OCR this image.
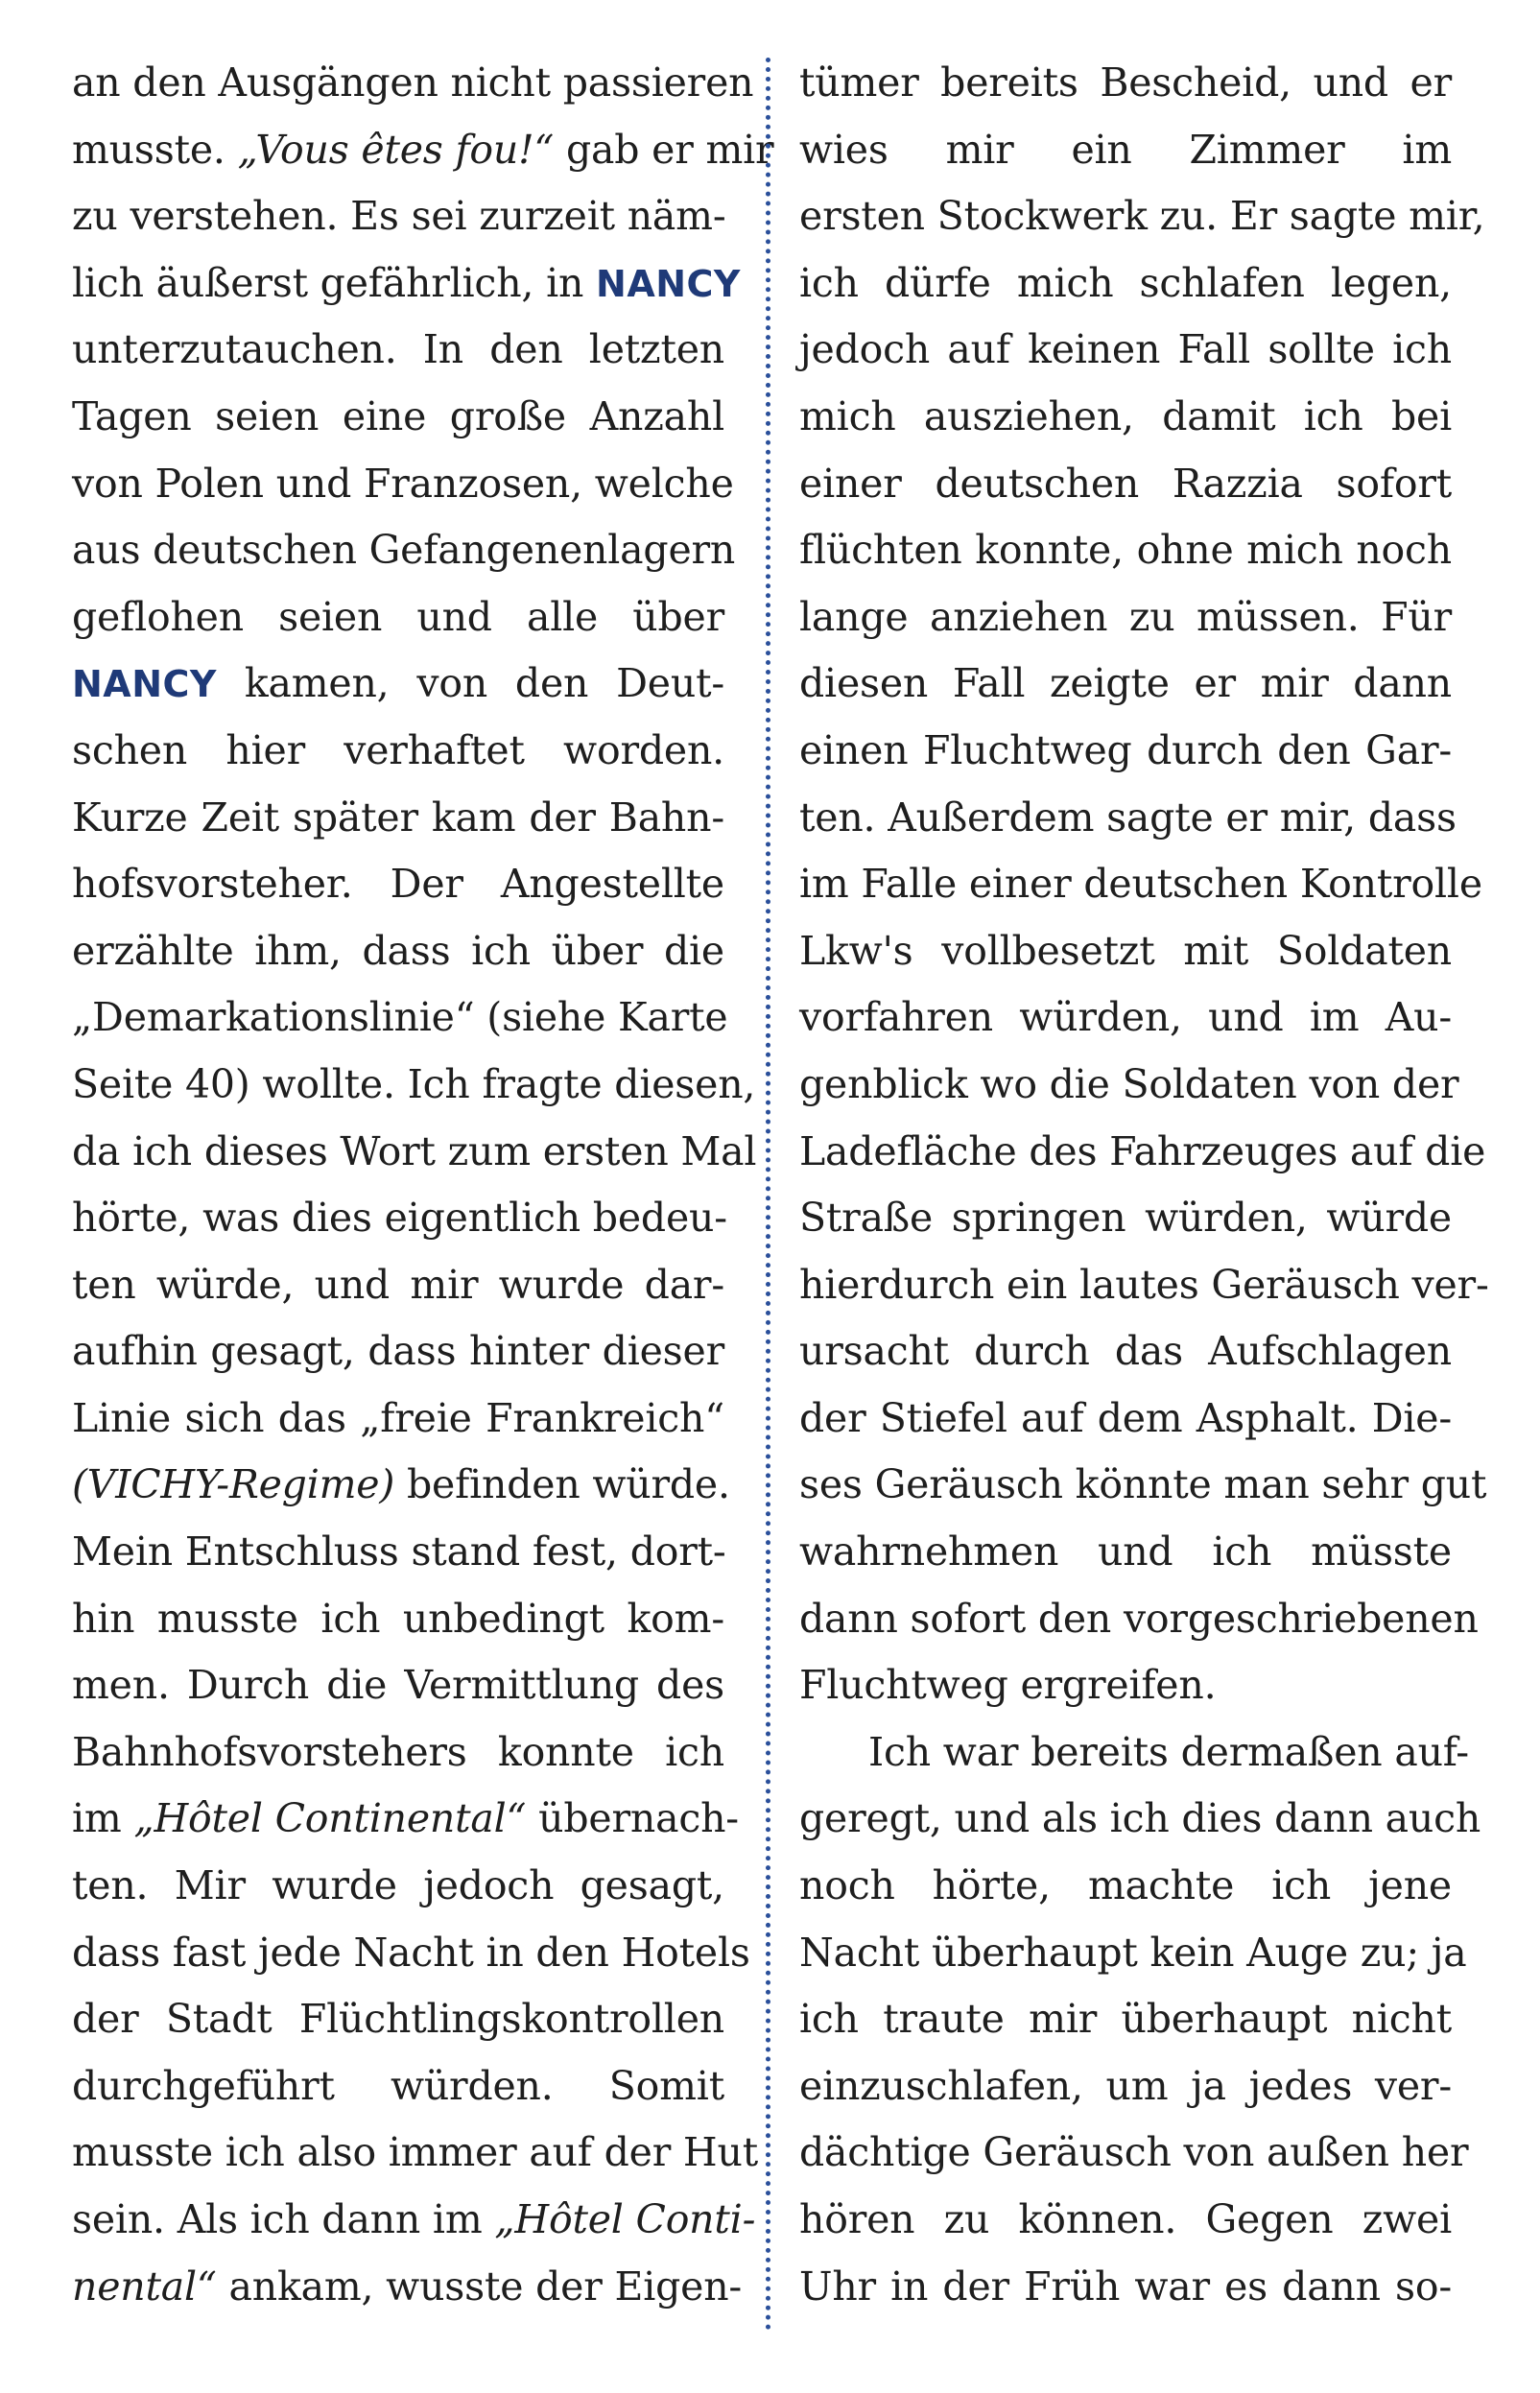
an den Ausgängen nicht passieren
musste. „Vous êtes fou!“ gab er mir
zu verstehen. Es sei zurzeit näm-
lich äußerst gefährlich, in NANCY
unterzutauchen. In den letzten
Tagen seien eine große Anzahl
von Polen und Franzosen, welche
aus deutschen Gefangenenlagern
geflohen seien und alle über
NANCY kamen, von den Deut-
schen hier verhaftet worden.
Kurze Zeit später kam der Bahn-
hofsvorsteher. Der Angestellte
erzählte ihm, dass ich über die
„Demarkationslinie“ (siehe Karte
Seite 40) wollte. Ich fragte diesen,
da ich dieses Wort zum ersten Mal
hörte, was dies eigentlich bedeu-
ten würde, und mir wurde dar-
aufhin gesagt, dass hinter dieser
Linie sich das „freie Frankreich“
(VICHY-Regime) befinden würde.
Mein Entschluss stand fest, dort-
hin musste ich unbedingt kom-
men. Durch die Vermittlung des
Bahnhofsvorstehers konnte ich
im „Hôtel Continental“ übernach-
ten. Mir wurde jedoch gesagt,
dass fast jede Nacht in den Hotels
der Stadt Flüchtlingskontrollen
durchgeführt würden. Somit
musste ich also immer auf der Hut
sein. Als ich dann im „Hôtel Conti-
nental“ ankam, wusste der Eigen-
tümer bereits Bescheid, und er
wies mir ein Zimmer im
ersten Stockwerk zu. Er sagte mir,
ich dürfe mich schlafen legen,
jedoch auf keinen Fall sollte ich
mich ausziehen, damit ich bei
einer deutschen Razzia sofort
flüchten konnte, ohne mich noch
lange anziehen zu müssen. Für
diesen Fall zeigte er mir dann
einen Fluchtweg durch den Gar-
ten. Außerdem sagte er mir, dass
im Falle einer deutschen Kontrolle
Lkw's vollbesetzt mit Soldaten
vorfahren würden, und im Au-
genblick wo die Soldaten von der
Ladefläche des Fahrzeuges auf die
Straße springen würden, würde
hierdurch ein lautes Geräusch ver-
ursacht durch das Aufschlagen
der Stiefel auf dem Asphalt. Die-
ses Geräusch könnte man sehr gut
wahrnehmen und ich müsste
dann sofort den vorgeschriebenen
Fluchtweg ergreifen.
Ich war bereits dermaßen auf-
geregt, und als ich dies dann auch
noch hörte, machte ich jene
Nacht überhaupt kein Auge zu; ja
ich traute mir überhaupt nicht
einzuschlafen, um ja jedes ver-
dächtige Geräusch von außen her
hören zu können. Gegen zwei
Uhr in der Früh war es dann so-
